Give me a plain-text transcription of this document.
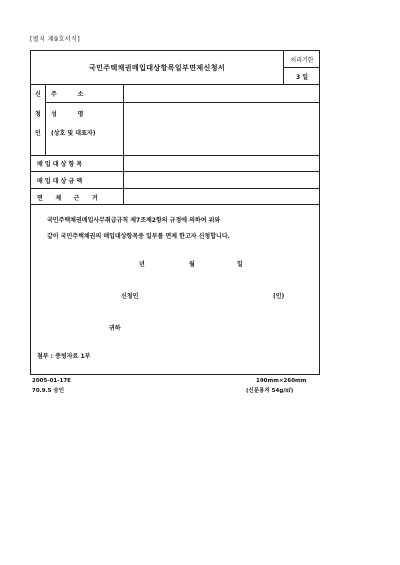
[별지 제9호서식]
국민주택채권매입대상항목일부면제신청서
처리기한
3 일
신
청
인
주          소
성          명
(상호 및 대표자)
매 입 대 상 항 목
매 입 대 상 금 액
면      제      근      거
국민주택채권매입사무취급규칙 제7조제2항의 규정에 의하여 위와
같이 국민주택채권의 매입대상항목중 일부를 면제 한고자 신청합니다.
년	월	일
신청인	(인)
귀하
첨부 : 증빙자료 1부
2005-01-17E
70.9.5 승인
190mm×260mm
(신문용지 54g/㎡)
